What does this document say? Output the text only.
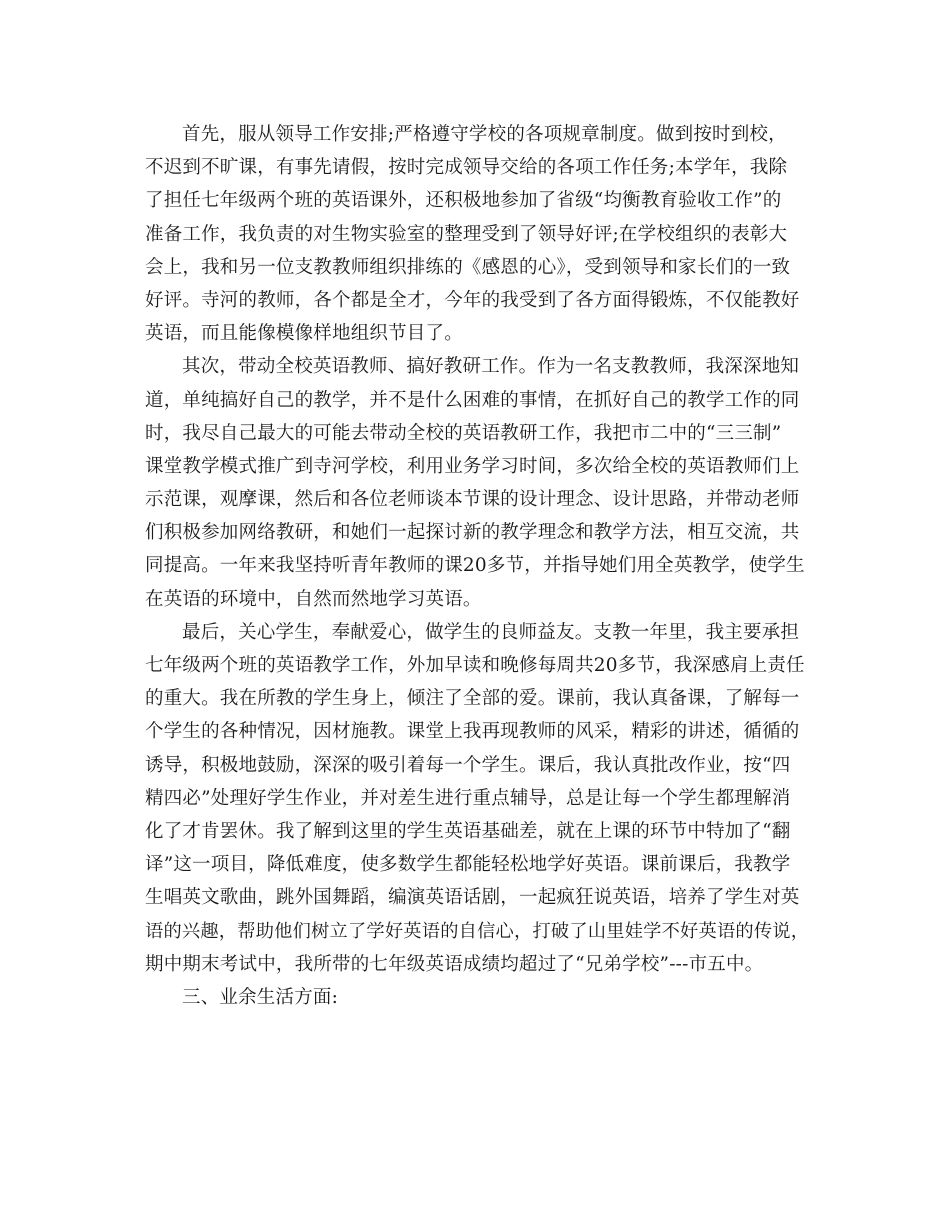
首先，服从领导工作安排;严格遵守学校的各项规章制度。做到按时到校，
不迟到不旷课，有事先请假，按时完成领导交给的各项工作任务;本学年，我除
了担任七年级两个班的英语课外，还积极地参加了省级“均衡教育验收工作”的
准备工作，我负责的对生物实验室的整理受到了领导好评;在学校组织的表彰大
会上，我和另一位支教教师组织排练的《感恩的心》，受到领导和家长们的一致
好评。寺河的教师，各个都是全才，今年的我受到了各方面得锻炼，不仅能教好
英语，而且能像模像样地组织节目了。
其次，带动全校英语教师、搞好教研工作。作为一名支教教师，我深深地知
道，单纯搞好自己的教学，并不是什么困难的事情，在抓好自己的教学工作的同
时，我尽自己最大的可能去带动全校的英语教研工作，我把市二中的“三三制”
课堂教学模式推广到寺河学校，利用业务学习时间，多次给全校的英语教师们上
示范课，观摩课，然后和各位老师谈本节课的设计理念、设计思路，并带动老师
们积极参加网络教研，和她们一起探讨新的教学理念和教学方法，相互交流，共
同提高。一年来我坚持听青年教师的课20多节，并指导她们用全英教学，使学生
在英语的环境中，自然而然地学习英语。
最后，关心学生，奉献爱心，做学生的良师益友。支教一年里，我主要承担
七年级两个班的英语教学工作，外加早读和晚修每周共20多节，我深感肩上责任
的重大。我在所教的学生身上，倾注了全部的爱。课前，我认真备课，了解每一
个学生的各种情况，因材施教。课堂上我再现教师的风采，精彩的讲述，循循的
诱导，积极地鼓励，深深的吸引着每一个学生。课后，我认真批改作业，按“四
精四必”处理好学生作业，并对差生进行重点辅导，总是让每一个学生都理解消
化了才肯罢休。我了解到这里的学生英语基础差，就在上课的环节中特加了“翻
译”这一项目，降低难度，使多数学生都能轻松地学好英语。课前课后，我教学
生唱英文歌曲，跳外国舞蹈，编演英语话剧，一起疯狂说英语，培养了学生对英
语的兴趣，帮助他们树立了学好英语的自信心，打破了山里娃学不好英语的传说，
期中期末考试中，我所带的七年级英语成绩均超过了“兄弟学校”---市五中。
三、业余生活方面:
